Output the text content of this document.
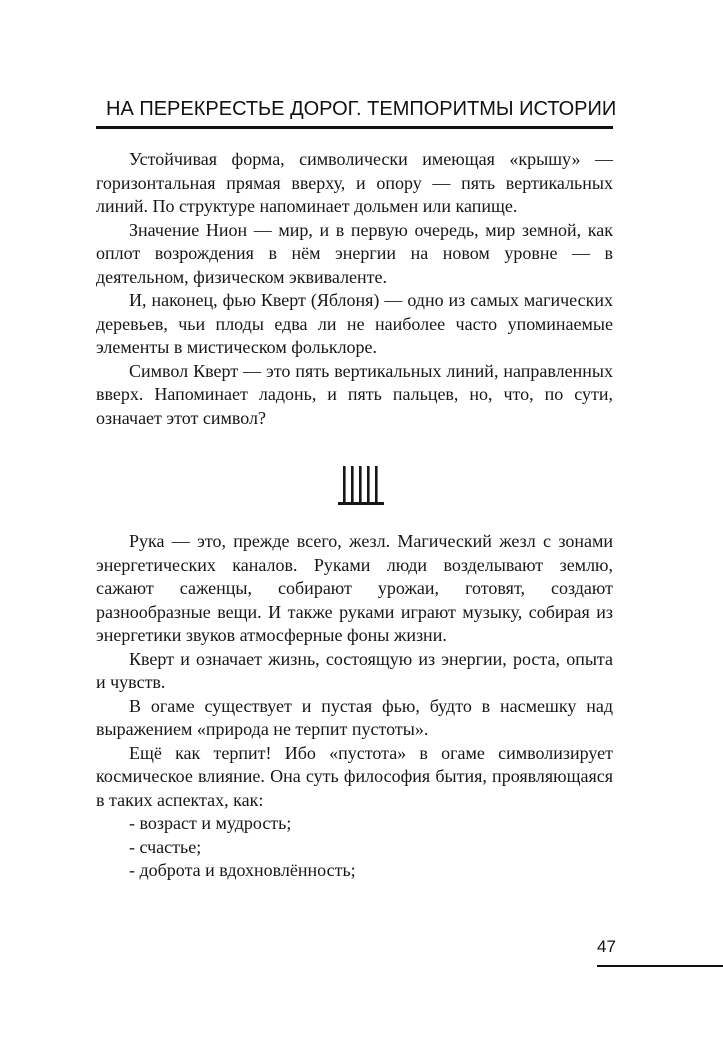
НА ПЕРЕКРЕСТЬЕ ДОРОГ. ТЕМПОРИТМЫ ИСТОРИИ

Устойчивая форма, символически имеющая «крышу» — горизонтальная прямая вверху, и опору — пять вертикальных линий. По структуре напоминает дольмен или капище.

Значение Нион — мир, и в первую очередь, мир земной, как оплот возрождения в нём энергии на новом уровне — в деятельном, физическом эквиваленте.

И, наконец, фью Кверт (Яблоня) — одно из самых магических деревьев, чьи плоды едва ли не наиболее часто упоминаемые элементы в мистическом фольклоре.

Символ Кверт — это пять вертикальных линий, направленных вверх. Напоминает ладонь, и пять пальцев, но, что, по сути, означает этот символ?

Рука — это, прежде всего, жезл. Магический жезл с зонами энергетических каналов. Руками люди возделывают землю, сажают саженцы, собирают урожаи, готовят, создают разнообразные вещи. И также руками играют музыку, собирая из энергетики звуков атмосферные фоны жизни.

Кверт и означает жизнь, состоящую из энергии, роста, опыта и чувств.

В огаме существует и пустая фью, будто в насмешку над выражением «природа не терпит пустоты».

Ещё как терпит! Ибо «пустота» в огаме символизирует космическое влияние. Она суть философия бытия, проявляющаяся в таких аспектах, как:

- возраст и мудрость;

- счастье;

- доброта и вдохновлённость;

47
